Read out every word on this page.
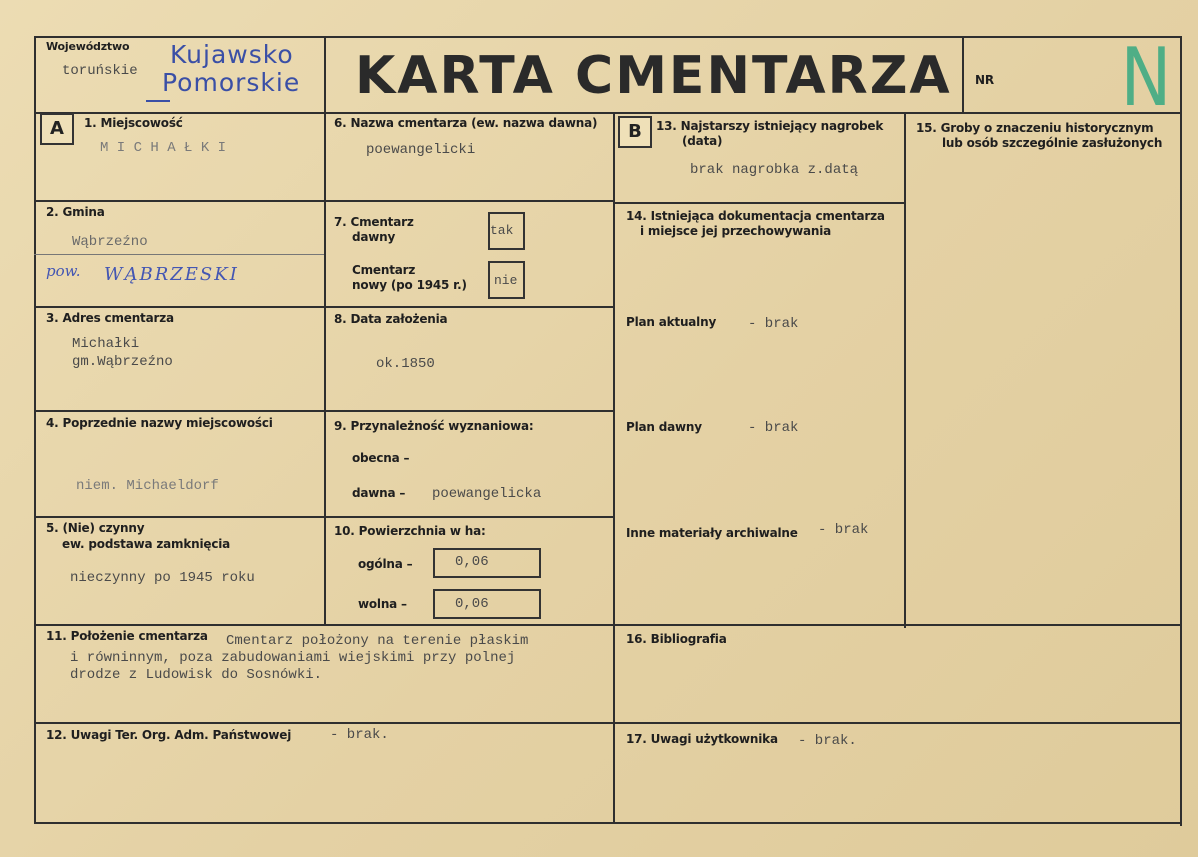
Województwo
toruńskie
Kujawsko
Pomorskie KARTA CMENTARZA NR N
A	B
1. Miejscowość
M I C H A Ł K I
2. Gmina
Wąbrzeźno
pow. WĄBRZESKI
3. Adres cmentarza
Michałki
gm.Wąbrzeźno
4. Poprzednie nazwy miejscowości
niem. Michaeldorf
5. (Nie) czynny
ew. podstawa zamknięcia
nieczynny po 1945 roku
6. Nazwa cmentarza (ew. nazwa dawna)
poewangelicki
7. Cmentarz
dawny	tak
Cmentarz
nowy (po 1945 r.)	nie
8. Data założenia
ok.1850
9. Przynależność wyznaniowa:
obecna –
dawna – poewangelicka
10. Powierzchnia w ha:
ogólna –	0,06
wolna –	0,06
11. Położenie cmentarza Cmentarz położony na terenie płaskim
i równinnym, poza zabudowaniami wiejskimi przy polnej
drodze z Ludowisk do Sosnówki.
12. Uwagi Ter. Org. Adm. Państwowej	- brak.
13. Najstarszy istniejący nagrobek
(data)
brak nagrobka z.datą
14. Istniejąca dokumentacja cmentarza
i miejsce jej przechowywania
Plan aktualny - brak
Plan dawny	- brak
Inne materiały archiwalne - brak
15. Groby o znaczeniu historycznym
lub osób szczególnie zasłużonych
16. Bibliografia
17. Uwagi użytkownika - brak.
